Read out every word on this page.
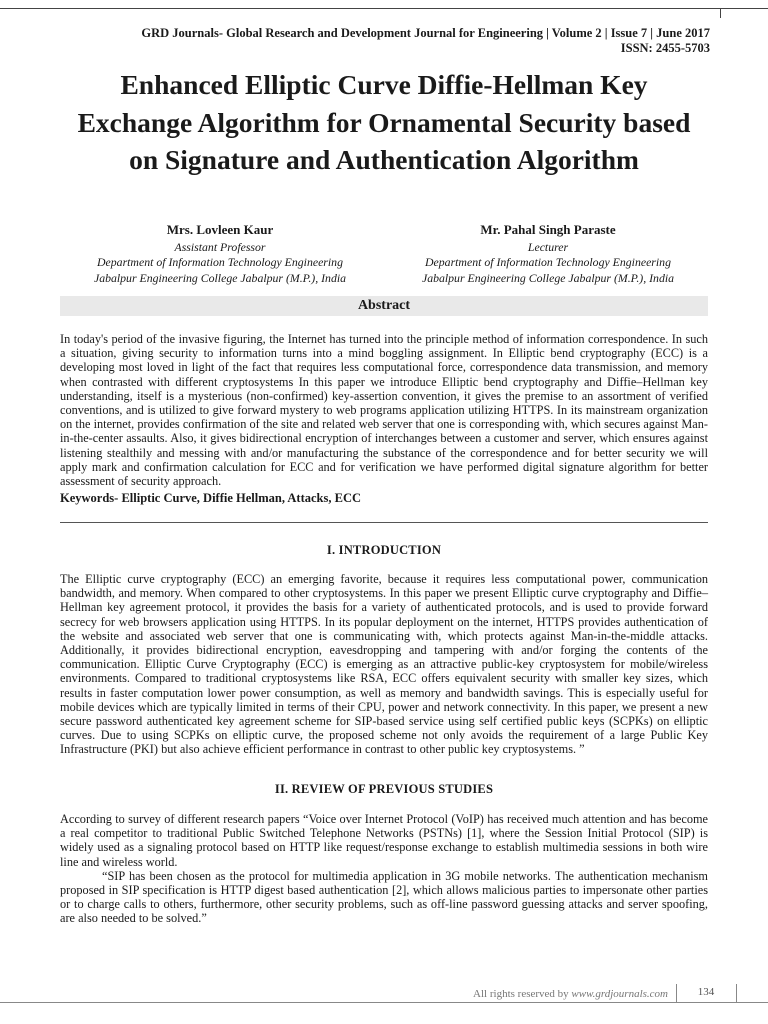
GRD Journals- Global Research and Development Journal for Engineering | Volume 2 | Issue 7 | June 2017
ISSN: 2455-5703
Enhanced Elliptic Curve Diffie-Hellman Key Exchange Algorithm for Ornamental Security based on Signature and Authentication Algorithm
Mrs. Lovleen Kaur
Assistant Professor
Department of Information Technology Engineering
Jabalpur Engineering College Jabalpur (M.P.), India
Mr. Pahal Singh Paraste
Lecturer
Department of Information Technology Engineering
Jabalpur Engineering College Jabalpur (M.P.), India
Abstract
In today's period of the invasive figuring, the Internet has turned into the principle method of information correspondence. In such a situation, giving security to information turns into a mind boggling assignment. In Elliptic bend cryptography (ECC) is a developing most loved in light of the fact that requires less computational force, correspondence data transmission, and memory when contrasted with different cryptosystems In this paper we introduce Elliptic bend cryptography and Diffie–Hellman key understanding, itself is a mysterious (non-confirmed) key-assertion convention, it gives the premise to an assortment of verified conventions, and is utilized to give forward mystery to web programs application utilizing HTTPS. In its mainstream organization on the internet, provides confirmation of the site and related web server that one is corresponding with, which secures against Man-in-the-center assaults. Also, it gives bidirectional encryption of interchanges between a customer and server, which ensures against listening stealthily and messing with and/or manufacturing the substance of the correspondence and for better security we will apply mark and confirmation calculation for ECC and for verification we have performed digital signature algorithm for better assessment of security approach.
Keywords- Elliptic Curve, Diffie Hellman, Attacks, ECC
I. INTRODUCTION
The Elliptic curve cryptography (ECC) an emerging favorite, because it requires less computational power, communication bandwidth, and memory. When compared to other cryptosystems. In this paper we present Elliptic curve cryptography and Diffie–Hellman key agreement protocol, it provides the basis for a variety of authenticated protocols, and is used to provide forward secrecy for web browsers application using HTTPS. In its popular deployment on the internet, HTTPS provides authentication of the website and associated web server that one is communicating with, which protects against Man-in-the-middle attacks. Additionally, it provides bidirectional encryption, eavesdropping and tampering with and/or forging the contents of the communication. Elliptic Curve Cryptography (ECC) is emerging as an attractive public-key cryptosystem for mobile/wireless environments. Compared to traditional cryptosystems like RSA, ECC offers equivalent security with smaller key sizes, which results in faster computation lower power consumption, as well as memory and bandwidth savings. This is especially useful for mobile devices which are typically limited in terms of their CPU, power and network connectivity. In this paper, we present a new secure password authenticated key agreement scheme for SIP-based service using self certified public keys (SCPKs) on elliptic curves. Due to using SCPKs on elliptic curve, the proposed scheme not only avoids the requirement of a large Public Key Infrastructure (PKI) but also achieve efficient performance in contrast to other public key cryptosystems. ”
II. REVIEW OF PREVIOUS STUDIES
According to survey of different research papers “Voice over Internet Protocol (VoIP) has received much attention and has become a real competitor to traditional Public Switched Telephone Networks (PSTNs) [1], where the Session Initial Protocol (SIP) is widely used as a signaling protocol based on HTTP like request/response exchange to establish multimedia sessions in both wire line and wireless world.
“SIP has been chosen as the protocol for multimedia application in 3G mobile networks. The authentication mechanism proposed in SIP specification is HTTP digest based authentication [2], which allows malicious parties to impersonate other parties or to charge calls to others, furthermore, other security problems, such as off-line password guessing attacks and server spoofing, are also needed to be solved.”
All rights reserved by www.grdjournals.com	134
